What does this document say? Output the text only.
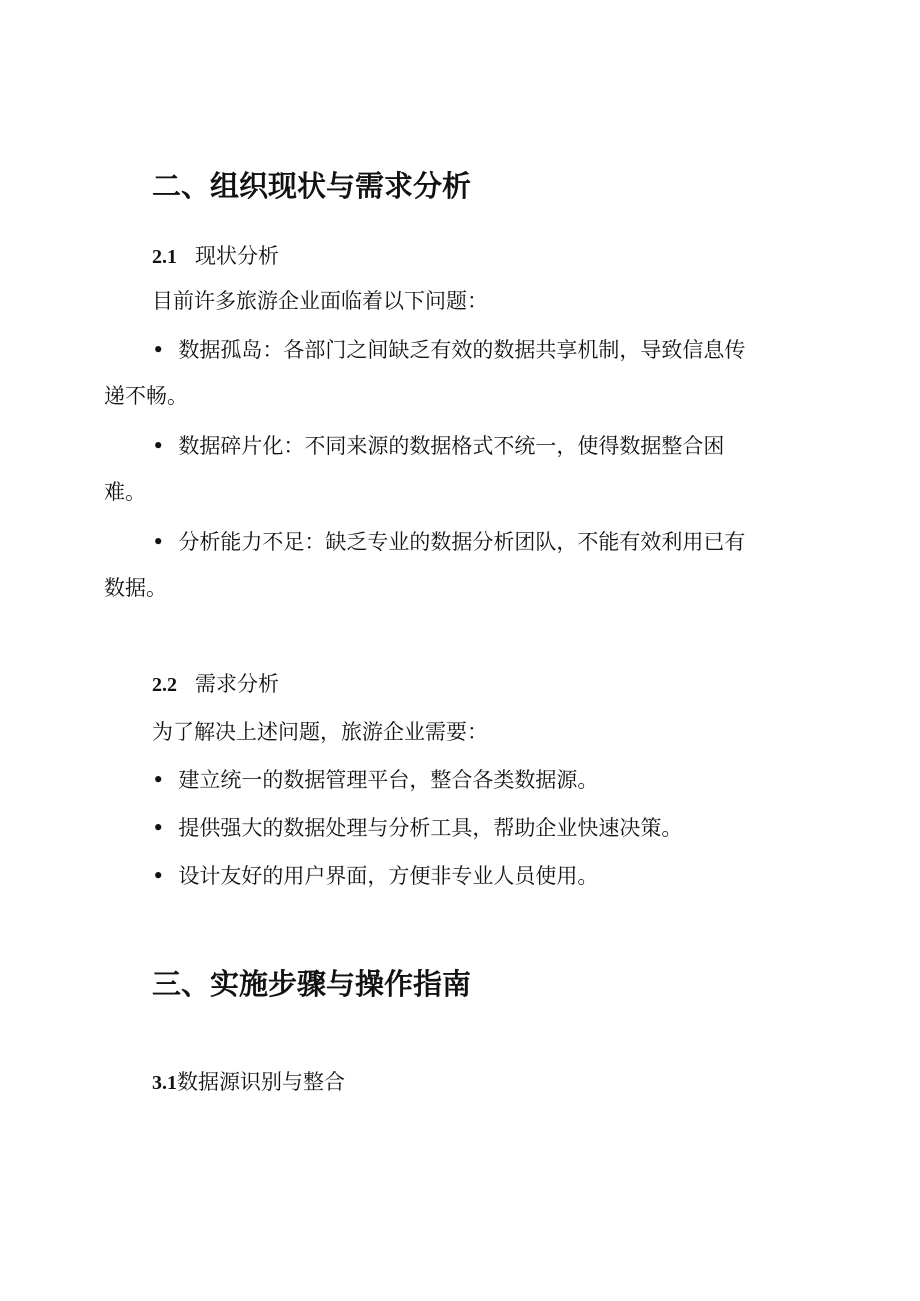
二、组织现状与需求分析
2.1 现状分析
目前许多旅游企业面临着以下问题：
• 数据孤岛：各部门之间缺乏有效的数据共享机制，导致信息传
递不畅。
• 数据碎片化：不同来源的数据格式不统一，使得数据整合困
难。
• 分析能力不足：缺乏专业的数据分析团队，不能有效利用已有
数据。
2.2 需求分析
为了解决上述问题，旅游企业需要：
• 建立统一的数据管理平台，整合各类数据源。
• 提供强大的数据处理与分析工具，帮助企业快速决策。
• 设计友好的用户界面，方便非专业人员使用。
三、实施步骤与操作指南
3.1数据源识别与整合
